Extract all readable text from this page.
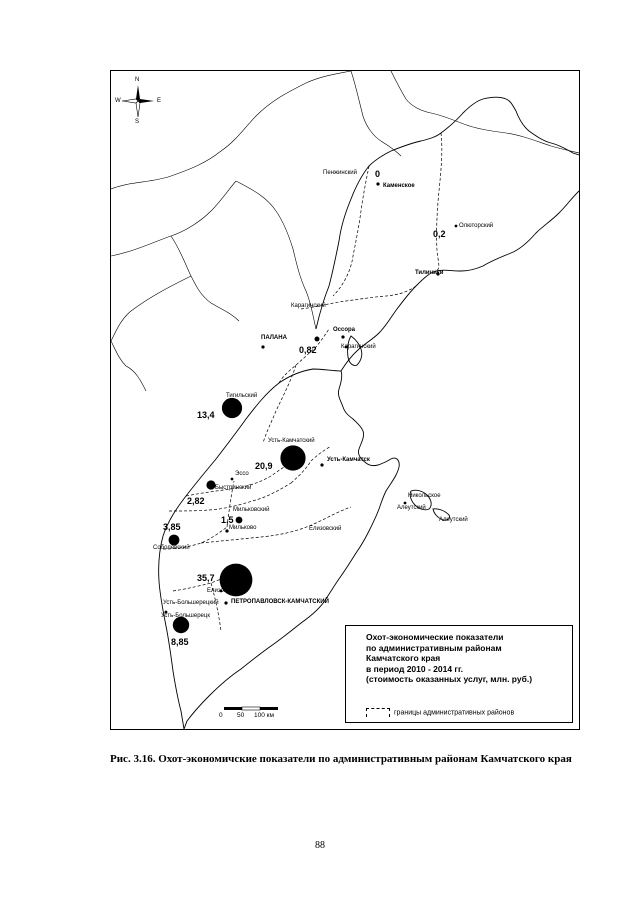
N
E
S
W
Пенжинский
Олюторский
Карагинский
Тигильский
Усть-Камчатский
Быстринский
Мильковский
Соболевский
Усть-Большерецкий
Алеутский
Каменское
Тиличики
ПАЛАНА
Оссора
Карагинский
Усть-Камчатск
Эссо
Мильково	Елизовский
Елизово
ПЕТРОПАВЛОВСК-КАМЧАТСКИЙ
Усть-Большерецк
Никольское
Алеутский
0
0,2
0,82
13,4
20,9
2,82
1,5
3,85
35,7
8,85
0 50 100 км
Охот-экономические показатели
по административным районам
Камчатского края
в период 2010 - 2014 гг.
(стоимость оказанных услуг, млн. руб.)
границы административных районов
Рис. 3.16. Охот-экономичские показатели по административным районам Камчатского края
88
